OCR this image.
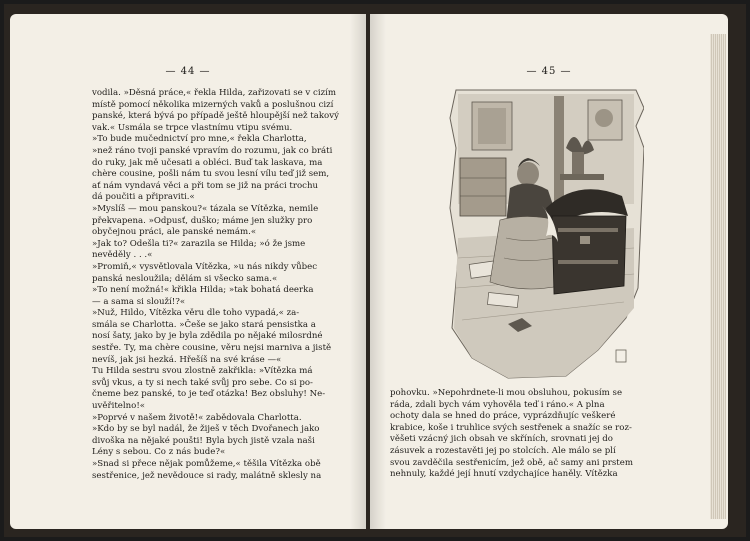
— 44 —
vodila. »Děsná práce,« řekla Hilda, zařizovati se v cizím
místě pomocí několika mizerných vaků a poslušnou cizí
panské, která bývá po případě ještě hloupější než takový
vak.« Usmála se trpce vlastnímu vtipu svému.
»To bude mučednictví pro mne,« řekla Charlotta,
»než ráno tvoji panské vpravím do rozumu, jak co bráti
do ruky, jak mě učesati a obléci. Buď tak laskava, ma
chère cousine, pošli nám tu svou lesní vílu teď již sem,
ať nám vyndavá věci a při tom se již na práci trochu
dá poučiti a připraviti.«
»Myslíš — mou panskou?« tázala se Vítězka, nemile
překvapena. »Odpusť, duško; máme jen služky pro
obyčejnou práci, ale panské nemám.«
»Jak to? Odešla ti?« zarazila se Hilda; »ó že jsme
nevěděly . . .«
»Promiň,« vysvětlovala Vítězka, »u nás nikdy vůbec
panská nesloužila; dělám si všecko sama.«
»To není možná!« křikla Hilda; »tak bohatá deerka
— a sama si slouží!?«
»Nuž, Hildo, Vítězka věru dle toho vypadá,« za-
smála se Charlotta. »Češe se jako stará pensistka a
nosí šaty, jako by je byla zdědila po nějaké milosrdné
sestře. Ty, ma chère cousine, věru nejsi marniva a jistě
nevíš, jak jsi hezká. Hřešíš na své kráse —«
Tu Hilda sestru svou zlostně zakřikla: »Vítězka má
svůj vkus, a ty si nech také svůj pro sebe. Co si po-
čneme bez panské, to je teď otázka! Bez obsluhy! Ne-
uvěřitelno!«
»Poprvé v našem životě!« zabědovala Charlotta.
»Kdo by se byl nadál, že žiješ v těch Dvořanech jako
divoška na nějaké poušti! Byla bych jistě vzala naši
Lény s sebou. Co z nás bude?«
»Snad si přece nějak pomůžeme,« těšila Vítězka obě
sestřenice, jež nevědouce si rady, malátně sklesly na
— 45 —
pohovku. »Nepohrdnete-li mou obsluhou, pokusím se
ráda, zdali bych vám vyhověla teď i ráno.« A plna
ochoty dala se hned do práce, vyprázdňujíc veškeré
krabice, koše i truhlice svých sestřenek a snažíc se roz-
věšeti vzácný jich obsah ve skříních, srovnati jej do
zásuvek a rozestavěti jej po stolcích. Ale málo se plí
svou zavděčila sestřenicím, jež obě, ač samy ani prstem
nehnuly, každé její hnutí vzdychajíce haněly. Vítězka
